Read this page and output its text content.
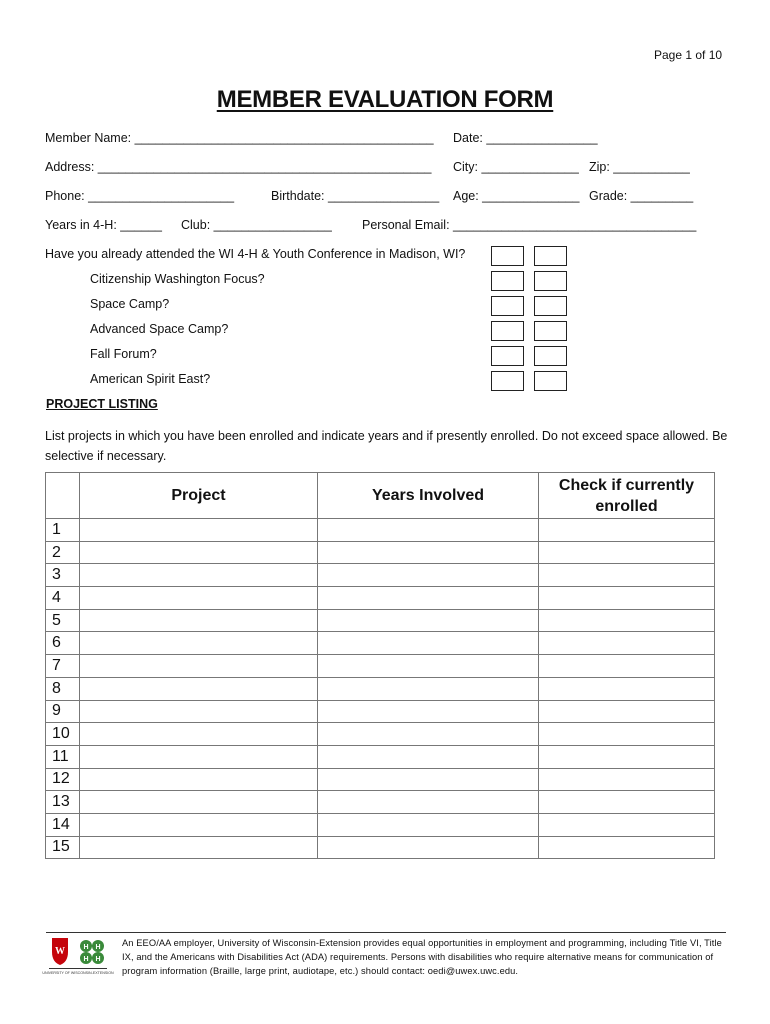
Page 1 of 10
MEMBER EVALUATION FORM
Member Name: ___________________________________________ Date: ________________
Address: ________________________________________________ City: ______________ Zip: ___________
Phone: _____________________	Birthdate: ________________ Age: ______________ Grade: _________
Years in 4-H: ______ Club: _________________ Personal Email: ___________________________________
Have you already attended the WI 4-H & Youth Conference in Madison, WI?
Citizenship Washington Focus?
Space Camp?
Advanced Space Camp?
Fall Forum?
American Spirit East?
PROJECT LISTING
List projects in which you have been enrolled and indicate years and if presently enrolled. Do not exceed space allowed. Be selective if necessary.
	Project	Years Involved	Check if currently enrolled
1			
2			
3			
4			
5			
6			
7			
8			
9			
10			
11			
12			
13			
14			
15			
W	H H
H H
UNIVERSITY OF WISCONSIN-EXTENSION
An EEO/AA employer, University of Wisconsin-Extension provides equal opportunities in employment and programming, including Title VI, Title IX, and the Americans with Disabilities Act (ADA) requirements. Persons with disabilities who require alternative means for communication of program information (Braille, large print, audiotape, etc.) should contact: oedi@uwex.uwc.edu.
